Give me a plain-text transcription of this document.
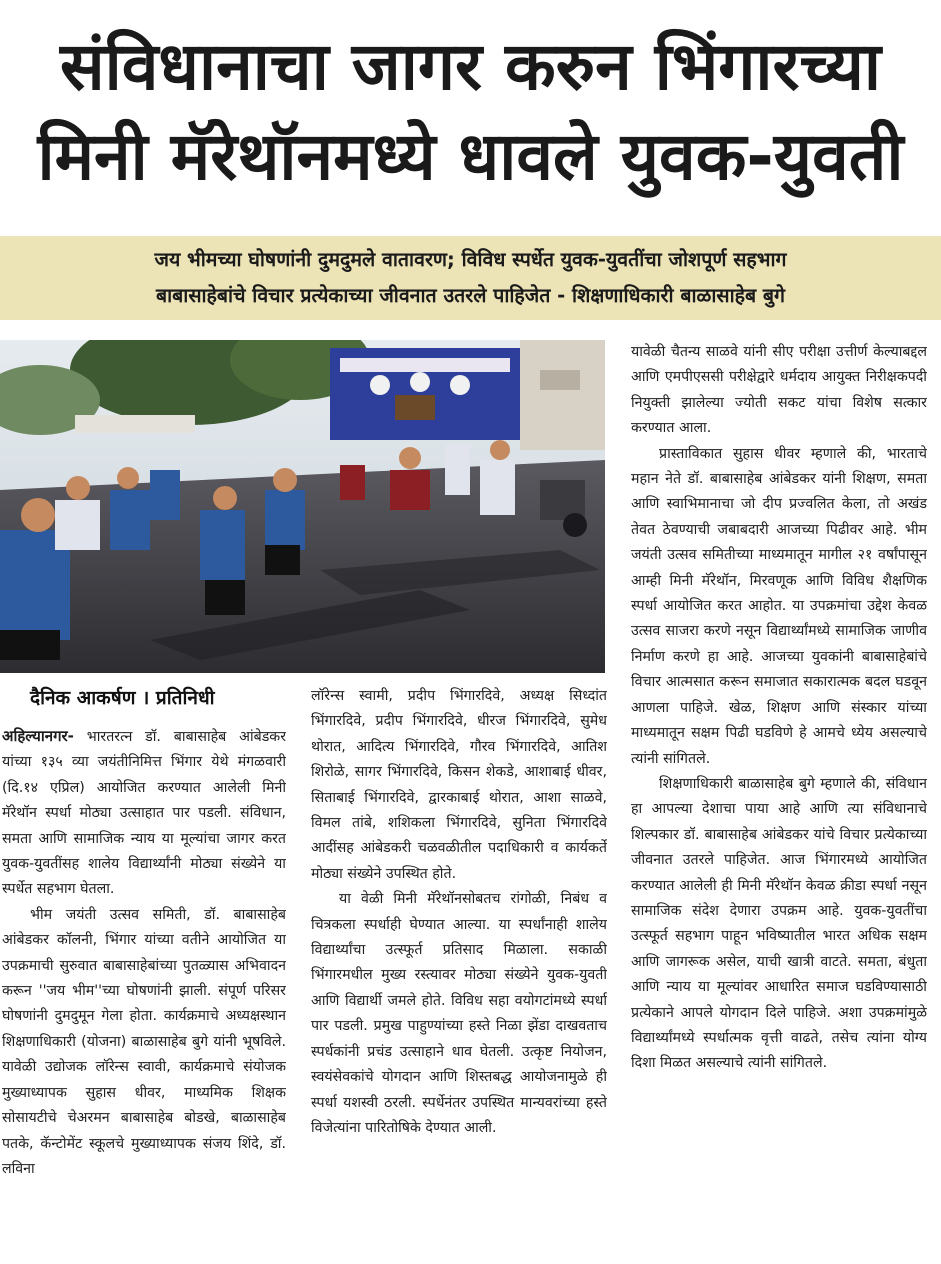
संविधानाचा जागर करुन भिंगारच्या
मिनी मॅरेथॉनमध्ये धावले युवक-युवती
जय भीमच्या घोषणांनी दुमदुमले वातावरण; विविध स्पर्धेत युवक-युवतींचा जोशपूर्ण सहभाग
बाबासाहेबांचे विचार प्रत्येकाच्या जीवनात उतरले पाहिजेत - शिक्षणाधिकारी बाळासाहेब बुगे
दैनिक आकर्षण । प्रतिनिधी

अहिल्यानगर- भारतरत्न डॉ. बाबासाहेब आंबेडकर यांच्या १३५ व्या जयंतीनिमित्त भिंगार येथे मंगळवारी (दि.१४ एप्रिल) आयोजित करण्यात आलेली मिनी मॅरेथॉन स्पर्धा मोठ्या उत्साहात पार पडली. संविधान, समता आणि सामाजिक न्याय या मूल्यांचा जागर करत युवक-युवतींसह शालेय विद्यार्थ्यांनी मोठ्या संख्येने या स्पर्धेत सहभाग घेतला.

भीम जयंती उत्सव समिती, डॉ. बाबासाहेब आंबेडकर कॉलनी, भिंगार यांच्या वतीने आयोजित या उपक्रमाची सुरुवात बाबासाहेबांच्या पुतळ्यास अभिवादन करून ''जय भीम''च्या घोषणांनी झाली. संपूर्ण परिसर घोषणांनी दुमदुमून गेला होता. कार्यक्रमाचे अध्यक्षस्थान शिक्षणाधिकारी (योजना) बाळासाहेब बुगे यांनी भूषविले. यावेळी उद्योजक लॉरेन्स स्वावी, कार्यक्रमाचे संयोजक मुख्याध्यापक सुहास धीवर, माध्यमिक शिक्षक सोसायटीचे चेअरमन बाबासाहेब बोडखे, बाळासाहेब पतके, कॅन्टोमेंट स्कूलचे मुख्याध्यापक संजय शिंदे, डॉ. लविना

लॉरेन्स स्वामी, प्रदीप भिंगारदिवे, अध्यक्ष सिध्दांत भिंगारदिवे, प्रदीप भिंगारदिवे, धीरज भिंगारदिवे, सुमेध थोरात, आदित्य भिंगारदिवे, गौरव भिंगारदिवे, आतिश शिरोळे, सागर भिंगारदिवे, किसन शेकडे, आशाबाई धीवर, सिताबाई भिंगारदिवे, द्वारकाबाई थोरात, आशा साळवे, विमल तांबे, शशिकला भिंगारदिवे, सुनिता भिंगारदिवे आदींसह आंबेडकरी चळवळीतील पदाधिकारी व कार्यकर्ते मोठ्या संख्येने उपस्थित होते.

या वेळी मिनी मॅरेथॉनसोबतच रांगोळी, निबंध व चित्रकला स्पर्धाही घेण्यात आल्या. या स्पर्धांनाही शालेय विद्यार्थ्यांचा उत्स्फूर्त प्रतिसाद मिळाला. सकाळी भिंगारमधील मुख्य रस्त्यावर मोठ्या संख्येने युवक-युवती आणि विद्यार्थी जमले होते. विविध सहा वयोगटांमध्ये स्पर्धा पार पडली. प्रमुख पाहुण्यांच्या हस्ते निळा झेंडा दाखवताच स्पर्धकांनी प्रचंड उत्साहाने धाव घेतली. उत्कृष्ट नियोजन, स्वयंसेवकांचे योगदान आणि शिस्तबद्ध आयोजनामुळे ही स्पर्धा यशस्वी ठरली. स्पर्धेनंतर उपस्थित मान्यवरांच्या हस्ते विजेत्यांना पारितोषिके देण्यात आली.

यावेळी चैतन्य साळवे यांनी सीए परीक्षा उत्तीर्ण केल्याबद्दल आणि एमपीएससी परीक्षेद्वारे धर्मदाय आयुक्त निरीक्षकपदी नियुक्ती झालेल्या ज्योती सकट यांचा विशेष सत्कार करण्यात आला.

प्रास्ताविकात सुहास धीवर म्हणाले की, भारताचे महान नेते डॉ. बाबासाहेब आंबेडकर यांनी शिक्षण, समता आणि स्वाभिमानाचा जो दीप प्रज्वलित केला, तो अखंड तेवत ठेवण्याची जबाबदारी आजच्या पिढीवर आहे. भीम जयंती उत्सव समितीच्या माध्यमातून मागील २१ वर्षांपासून आम्ही मिनी मॅरेथॉन, मिरवणूक आणि विविध शैक्षणिक स्पर्धा आयोजित करत आहोत. या उपक्रमांचा उद्देश केवळ उत्सव साजरा करणे नसून विद्यार्थ्यांमध्ये सामाजिक जाणीव निर्माण करणे हा आहे. आजच्या युवकांनी बाबासाहेबांचे विचार आत्मसात करून समाजात सकारात्मक बदल घडवून आणला पाहिजे. खेळ, शिक्षण आणि संस्कार यांच्या माध्यमातून सक्षम पिढी घडविणे हे आमचे ध्येय असल्याचे त्यांनी सांगितले.

शिक्षणाधिकारी बाळासाहेब बुगे म्हणाले की, संविधान हा आपल्या देशाचा पाया आहे आणि त्या संविधानाचे शिल्पकार डॉ. बाबासाहेब आंबेडकर यांचे विचार प्रत्येकाच्या जीवनात उतरले पाहिजेत. आज भिंगारमध्ये आयोजित करण्यात आलेली ही मिनी मॅरेथॉन केवळ क्रीडा स्पर्धा नसून सामाजिक संदेश देणारा उपक्रम आहे. युवक-युवतींचा उत्स्फूर्त सहभाग पाहून भविष्यातील भारत अधिक सक्षम आणि जागरूक असेल, याची खात्री वाटते. समता, बंधुता आणि न्याय या मूल्यांवर आधारित समाज घडविण्यासाठी प्रत्येकाने आपले योगदान दिले पाहिजे. अशा उपक्रमांमुळे विद्यार्थ्यांमध्ये स्पर्धात्मक वृत्ती वाढते, तसेच त्यांना योग्य दिशा मिळत असल्याचे त्यांनी सांगितले.
